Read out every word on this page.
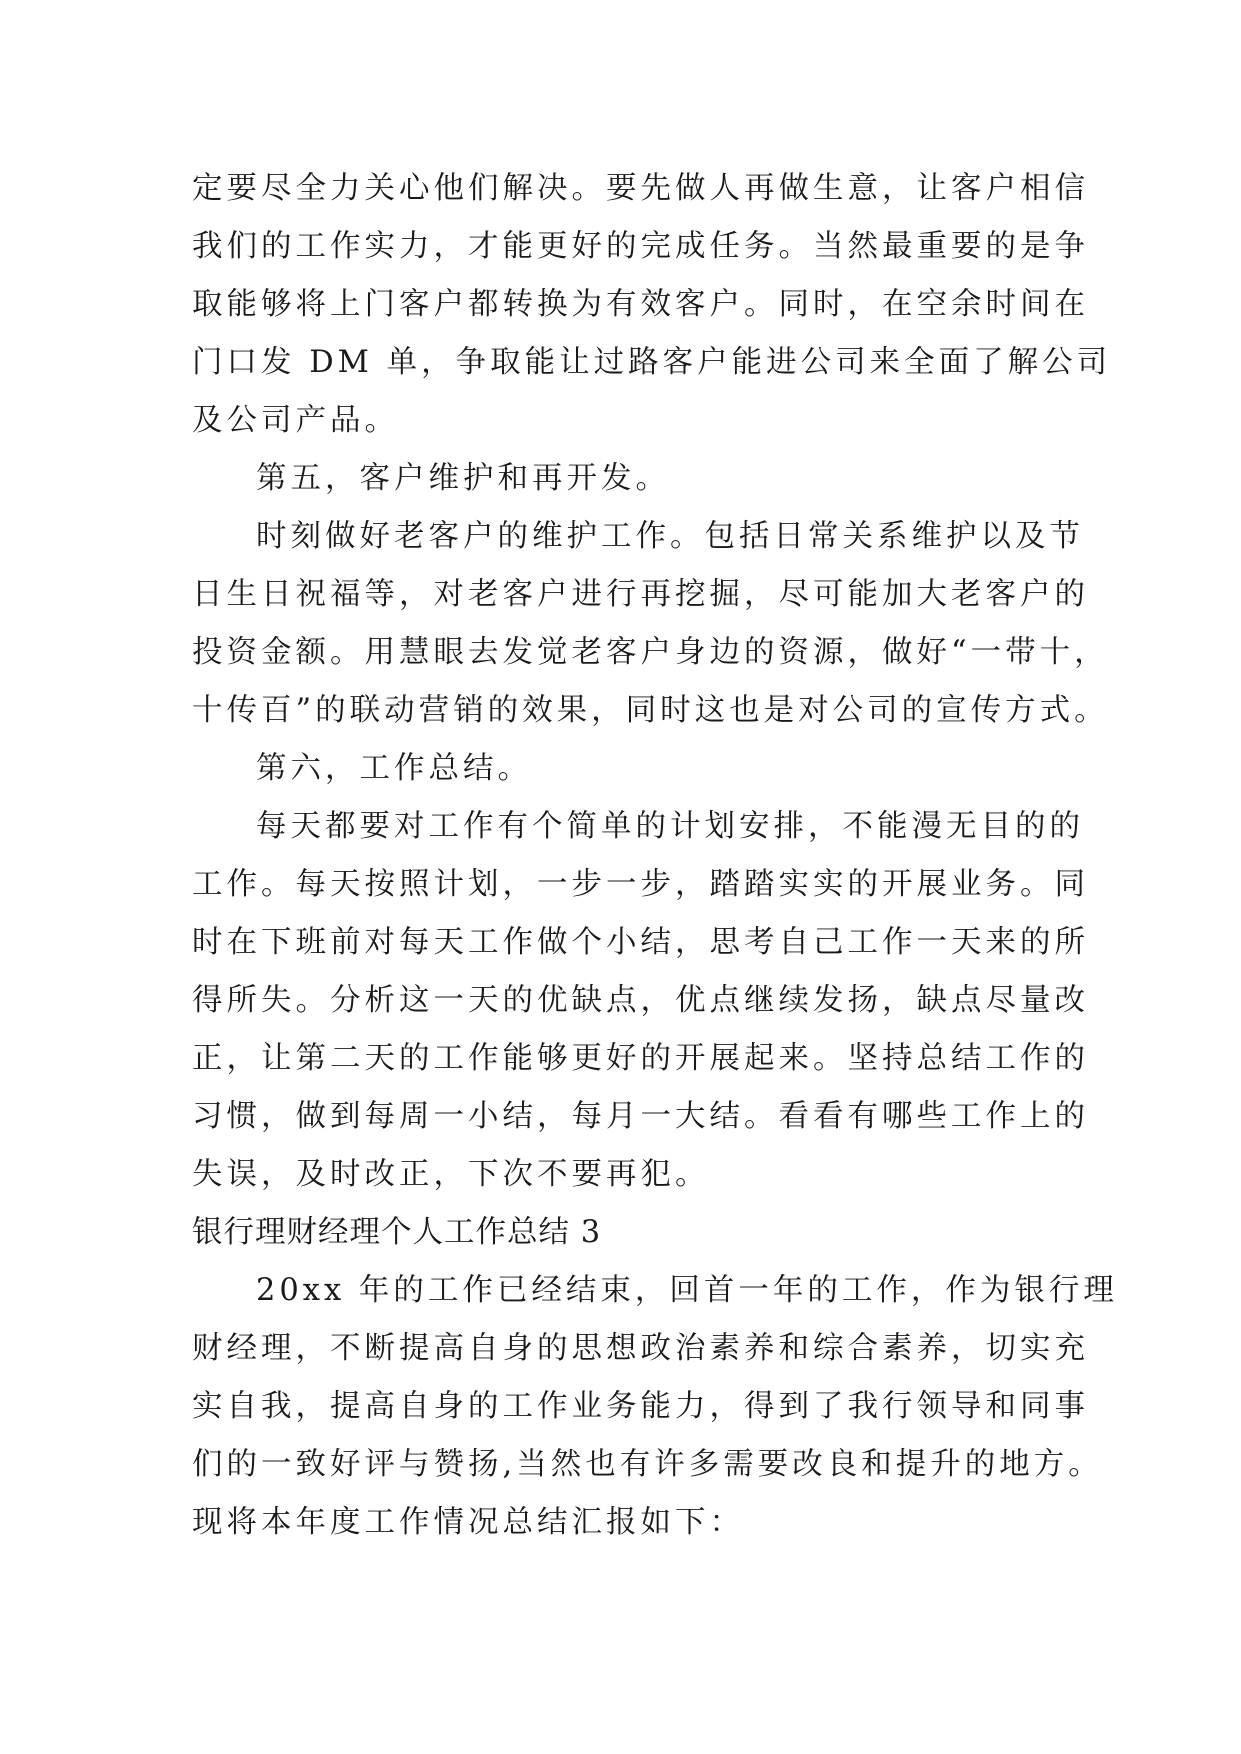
定要尽全力关心他们解决。要先做人再做生意，让客户相信
我们的工作实力，才能更好的完成任务。当然最重要的是争
取能够将上门客户都转换为有效客户。同时，在空余时间在
门口发 DM 单，争取能让过路客户能进公司来全面了解公司
及公司产品。
第五，客户维护和再开发。
时刻做好老客户的维护工作。包括日常关系维护以及节
日生日祝福等，对老客户进行再挖掘，尽可能加大老客户的
投资金额。用慧眼去发觉老客户身边的资源，做好“一带十，
十传百”的联动营销的效果，同时这也是对公司的宣传方式。
第六，工作总结。
每天都要对工作有个简单的计划安排，不能漫无目的的
工作。每天按照计划，一步一步，踏踏实实的开展业务。同
时在下班前对每天工作做个小结，思考自己工作一天来的所
得所失。分析这一天的优缺点，优点继续发扬，缺点尽量改
正，让第二天的工作能够更好的开展起来。坚持总结工作的
习惯，做到每周一小结，每月一大结。看看有哪些工作上的
失误，及时改正，下次不要再犯。
银行理财经理个人工作总结 3
20xx 年的工作已经结束，回首一年的工作，作为银行理
财经理，不断提高自身的思想政治素养和综合素养，切实充
实自我，提高自身的工作业务能力，得到了我行领导和同事
们的一致好评与赞扬,当然也有许多需要改良和提升的地方。
现将本年度工作情况总结汇报如下：
